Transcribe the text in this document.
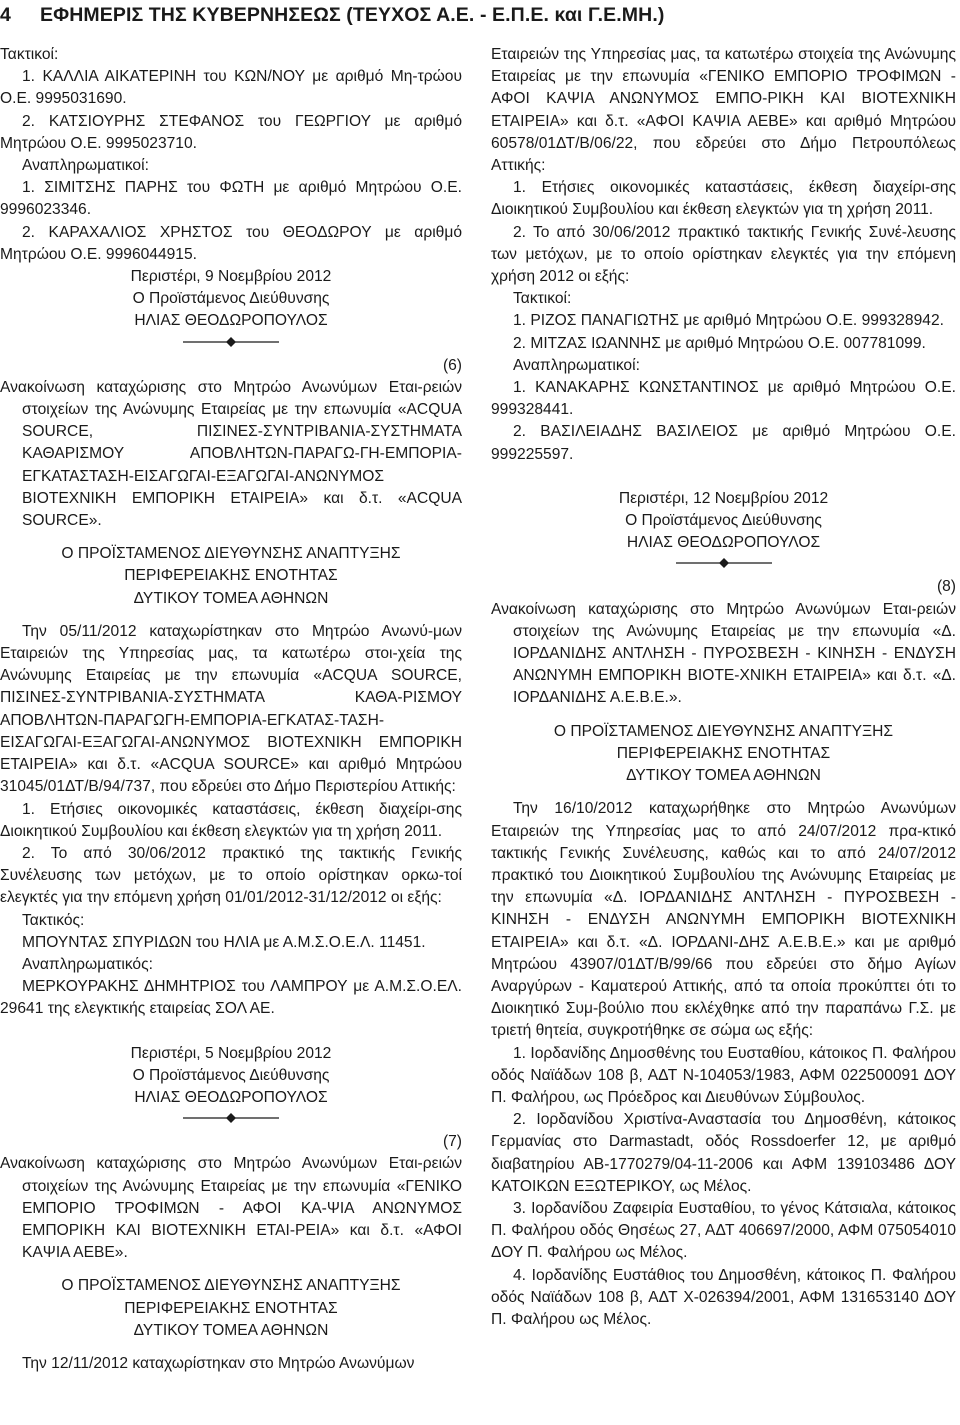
4 ΕΦΗΜΕΡΙΣ ΤΗΣ ΚΥΒΕΡΝΗΣΕΩΣ (ΤΕΥΧΟΣ Α.Ε. - Ε.Π.Ε. και Γ.Ε.ΜΗ.)

Τακτικοί:

1. ΚΑΛΛΙΑ ΑΙΚΑΤΕΡΙΝΗ του ΚΩΝ/ΝΟΥ με αριθμό Μη-τρώου Ο.Ε. 9995031690.

2. ΚΑΤΣΙΟΥΡΗΣ ΣΤΕΦΑΝΟΣ του ΓΕΩΡΓΙΟΥ με αριθμό Μητρώου Ο.Ε. 9995023710.

Αναπληρωματικοί:

1. ΣΙΜΙΤΣΗΣ ΠΑΡΗΣ του ΦΩΤΗ με αριθμό Μητρώου Ο.Ε. 9996023346.

2. ΚΑΡΑΧΑΛΙΟΣ ΧΡΗΣΤΟΣ του ΘΕΟΔΩΡΟΥ με αριθμό Μητρώου Ο.Ε. 9996044915.

Περιστέρι, 9 Νοεμβρίου 2012

Ο Προϊστάμενος Διεύθυνσης

ΗΛΙΑΣ ΘΕΟΔΩΡΟΠΟΥΛΟΣ

(6)

Ανακοίνωση καταχώρισης στο Μητρώο Ανωνύμων Εται-ρειών στοιχείων της Ανώνυμης Εταιρείας με την επωνυμία «ACQUA SOURCE, ΠΙΣΙΝΕΣ-ΣΥΝΤΡΙΒΑΝΙΑ-ΣΥΣΤΗΜΑΤΑ ΚΑΘΑΡΙΣΜΟΥ ΑΠΟΒΛΗΤΩΝ-ΠΑΡΑΓΩ-ΓΗ-ΕΜΠΟΡΙΑ-ΕΓΚΑΤΑΣΤΑΣΗ-ΕΙΣΑΓΩΓΑΙ-ΕΞΑΓΩΓΑΙ-ΑΝΩΝΥΜΟΣ ΒΙΟΤΕΧΝΙΚΗ ΕΜΠΟΡΙΚΗ ΕΤΑΙΡΕΙΑ» και δ.τ. «ACQUA SOURCE».

Ο ΠΡΟΪΣΤΑΜΕΝΟΣ ΔΙΕΥΘΥΝΣΗΣ ΑΝΑΠΤΥΞΗΣ

ΠΕΡΙΦΕΡΕΙΑΚΗΣ ΕΝΟΤΗΤΑΣ

ΔΥΤΙΚΟΥ ΤΟΜΕΑ ΑΘΗΝΩΝ

Την 05/11/2012 καταχωρίστηκαν στο Μητρώο Ανωνύ-μων Εταιρειών της Υπηρεσίας μας, τα κατωτέρω στοι-χεία της Ανώνυμης Εταιρείας με την επωνυμία «ACQUA SOURCE, ΠΙΣΙΝΕΣ-ΣΥΝΤΡΙΒΑΝΙΑ-ΣΥΣΤΗΜΑΤΑ ΚΑΘΑ-ΡΙΣΜΟΥ ΑΠΟΒΛΗΤΩΝ-ΠΑΡΑΓΩΓΗ-ΕΜΠΟΡΙΑ-ΕΓΚΑΤΑΣ-ΤΑΣΗ-ΕΙΣΑΓΩΓΑΙ-ΕΞΑΓΩΓΑΙ-ΑΝΩΝΥΜΟΣ ΒΙΟΤΕΧΝΙΚΗ ΕΜΠΟΡΙΚΗ ΕΤΑΙΡΕΙΑ» και δ.τ. «ACQUA SOURCE» και αριθμό Μητρώου 31045/01ΔΤ/Β/94/737, που εδρεύει στο Δήμο Περιστερίου Αττικής:

1. Ετήσιες οικονομικές καταστάσεις, έκθεση διαχείρι-σης Διοικητικού Συμβουλίου και έκθεση ελεγκτών για τη χρήση 2011.

2. Το από 30/06/2012 πρακτικό της τακτικής Γενικής Συνέλευσης των μετόχων, με το οποίο ορίστηκαν ορκω-τοί ελεγκτές για την επόμενη χρήση 01/01/2012-31/12/2012 οι εξής:

Τακτικός:

ΜΠΟΥΝΤΑΣ ΣΠΥΡΙΔΩΝ του ΗΛΙΑ με Α.Μ.Σ.Ο.Ε.Λ. 11451.

Αναπληρωματικός:

ΜΕΡΚΟΥΡΑΚΗΣ ΔΗΜΗΤΡΙΟΣ του ΛΑΜΠΡΟΥ με Α.Μ.Σ.Ο.ΕΛ. 29641 της ελεγκτικής εταιρείας ΣΟΛ ΑΕ.

Περιστέρι, 5 Νοεμβρίου 2012

Ο Προϊστάμενος Διεύθυνσης

ΗΛΙΑΣ ΘΕΟΔΩΡΟΠΟΥΛΟΣ

(7)

Ανακοίνωση καταχώρισης στο Μητρώο Ανωνύμων Εται-ρειών στοιχείων της Ανώνυμης Εταιρείας με την επωνυμία «ΓΕΝΙΚΟ ΕΜΠΟΡΙΟ ΤΡΟΦΙΜΩΝ - ΑΦΟΙ ΚΑ-ΨΙΑ ΑΝΩΝΥΜΟΣ ΕΜΠΟΡΙΚΗ ΚΑΙ ΒΙΟΤΕΧΝΙΚΗ ΕΤΑΙ-ΡΕΙΑ» και δ.τ. «ΑΦΟΙ ΚΑΨΙΑ ΑΕΒΕ».

Ο ΠΡΟΪΣΤΑΜΕΝΟΣ ΔΙΕΥΘΥΝΣΗΣ ΑΝΑΠΤΥΞΗΣ

ΠΕΡΙΦΕΡΕΙΑΚΗΣ ΕΝΟΤΗΤΑΣ

ΔΥΤΙΚΟΥ ΤΟΜΕΑ ΑΘΗΝΩΝ

Την 12/11/2012 καταχωρίστηκαν στο Μητρώο Ανωνύμων

Εταιρειών της Υπηρεσίας μας, τα κατωτέρω στοιχεία της Ανώνυμης Εταιρείας με την επωνυμία «ΓΕΝΙΚΟ ΕΜΠΟΡΙΟ ΤΡΟΦΙΜΩΝ - ΑΦΟΙ ΚΑΨΙΑ ΑΝΩΝΥΜΟΣ ΕΜΠΟ-ΡΙΚΗ ΚΑΙ ΒΙΟΤΕΧΝΙΚΗ ΕΤΑΙΡΕΙΑ» και δ.τ. «ΑΦΟΙ ΚΑΨΙΑ ΑΕΒΕ» και αριθμό Μητρώου 60578/01ΔΤ/Β/06/22, που εδρεύει στο Δήμο Πετρουπόλεως Αττικής:

1. Ετήσιες οικονομικές καταστάσεις, έκθεση διαχείρι-σης Διοικητικού Συμβουλίου και έκθεση ελεγκτών για τη χρήση 2011.

2. Το από 30/06/2012 πρακτικό τακτικής Γενικής Συνέ-λευσης των μετόχων, με το οποίο ορίστηκαν ελεγκτές για την επόμενη χρήση 2012 οι εξής:

Τακτικοί:

1. ΡΙΖΟΣ ΠΑΝΑΓΙΩΤΗΣ με αριθμό Μητρώου Ο.Ε. 999328942.

2. ΜΙΤΖΑΣ ΙΩΑΝΝΗΣ με αριθμό Μητρώου Ο.Ε. 007781099.

Αναπληρωματικοί:

1. ΚΑΝΑΚΑΡΗΣ ΚΩΝΣΤΑΝΤΙΝΟΣ με αριθμό Μητρώου Ο.Ε. 999328441.

2. ΒΑΣΙΛΕΙΑΔΗΣ ΒΑΣΙΛΕΙΟΣ με αριθμό Μητρώου Ο.Ε. 999225597.

Περιστέρι, 12 Νοεμβρίου 2012

Ο Προϊστάμενος Διεύθυνσης

ΗΛΙΑΣ ΘΕΟΔΩΡΟΠΟΥΛΟΣ

(8)

Ανακοίνωση καταχώρισης στο Μητρώο Ανωνύμων Εται-ρειών στοιχείων της Ανώνυμης Εταιρείας με την επωνυμία «Δ. ΙΟΡΔΑΝΙΔΗΣ ΑΝΤΛΗΣΗ - ΠΥΡΟΣΒΕΣΗ - ΚΙΝΗΣΗ - ΕΝΔΥΣΗ ΑΝΩΝΥΜΗ ΕΜΠΟΡΙΚΗ ΒΙΟΤΕ-ΧΝΙΚΗ ΕΤΑΙΡΕΙΑ» και δ.τ. «Δ. ΙΟΡΔΑΝΙΔΗΣ Α.Ε.Β.Ε.».

Ο ΠΡΟΪΣΤΑΜΕΝΟΣ ΔΙΕΥΘΥΝΣΗΣ ΑΝΑΠΤΥΞΗΣ

ΠΕΡΙΦΕΡΕΙΑΚΗΣ ΕΝΟΤΗΤΑΣ

ΔΥΤΙΚΟΥ ΤΟΜΕΑ ΑΘΗΝΩΝ

Την 16/10/2012 καταχωρήθηκε στο Μητρώο Ανωνύμων Εταιρειών της Υπηρεσίας μας το από 24/07/2012 πρα-κτικό τακτικής Γενικής Συνέλευσης, καθώς και το από 24/07/2012 πρακτικό του Διοικητικού Συμβουλίου της Ανώνυμης Εταιρείας με την επωνυμία «Δ. ΙΟΡΔΑΝΙΔΗΣ ΑΝΤΛΗΣΗ - ΠΥΡΟΣΒΕΣΗ - ΚΙΝΗΣΗ - ΕΝΔΥΣΗ ΑΝΩΝΥΜΗ ΕΜΠΟΡΙΚΗ ΒΙΟΤΕΧΝΙΚΗ ΕΤΑΙΡΕΙΑ» και δ.τ. «Δ. ΙΟΡΔΑΝΙ-ΔΗΣ Α.Ε.Β.Ε.» και με αριθμό Μητρώου 43907/01ΔΤ/Β/99/66 που εδρεύει στο δήμο Αγίων Αναργύρων - Καματερού Αττικής, από τα οποία προκύπτει ότι το Διοικητικό Συμ-βούλιο που εκλέχθηκε από την παραπάνω Γ.Σ. με τριετή θητεία, συγκροτήθηκε σε σώμα ως εξής:

1. Ιορδανίδης Δημοσθένης του Ευσταθίου, κάτοικος Π. Φαλήρου οδός Ναϊάδων 108 β, ΑΔΤ Ν-104053/1983, ΑΦΜ 022500091 ΔΟΥ Π. Φαλήρου, ως Πρόεδρος και Διευθύνων Σύμβουλος.

2. Ιορδανίδου Χριστίνα-Αναστασία του Δημοσθένη, κάτοικος Γερμανίας στο Darmastadt, οδός Rossdoerfer 12, με αριθμό διαβατηρίου ΑΒ-1770279/04-11-2006 και ΑΦΜ 139103486 ΔΟΥ ΚΑΤΟΙΚΩΝ ΕΞΩΤΕΡΙΚΟΥ, ως Μέλος.

3. Ιορδανίδου Ζαφειρία Ευσταθίου, το γένος Κάτσιαλα, κάτοικος Π. Φαλήρου οδός Θησέως 27, ΑΔΤ 406697/2000, ΑΦΜ 075054010 ΔΟΥ Π. Φαλήρου ως Μέλος.

4. Ιορδανίδης Ευστάθιος του Δημοσθένη, κάτοικος Π. Φαλήρου οδός Ναϊάδων 108 β, ΑΔΤ Χ-026394/2001, ΑΦΜ 131653140 ΔΟΥ Π. Φαλήρου ως Μέλος.
